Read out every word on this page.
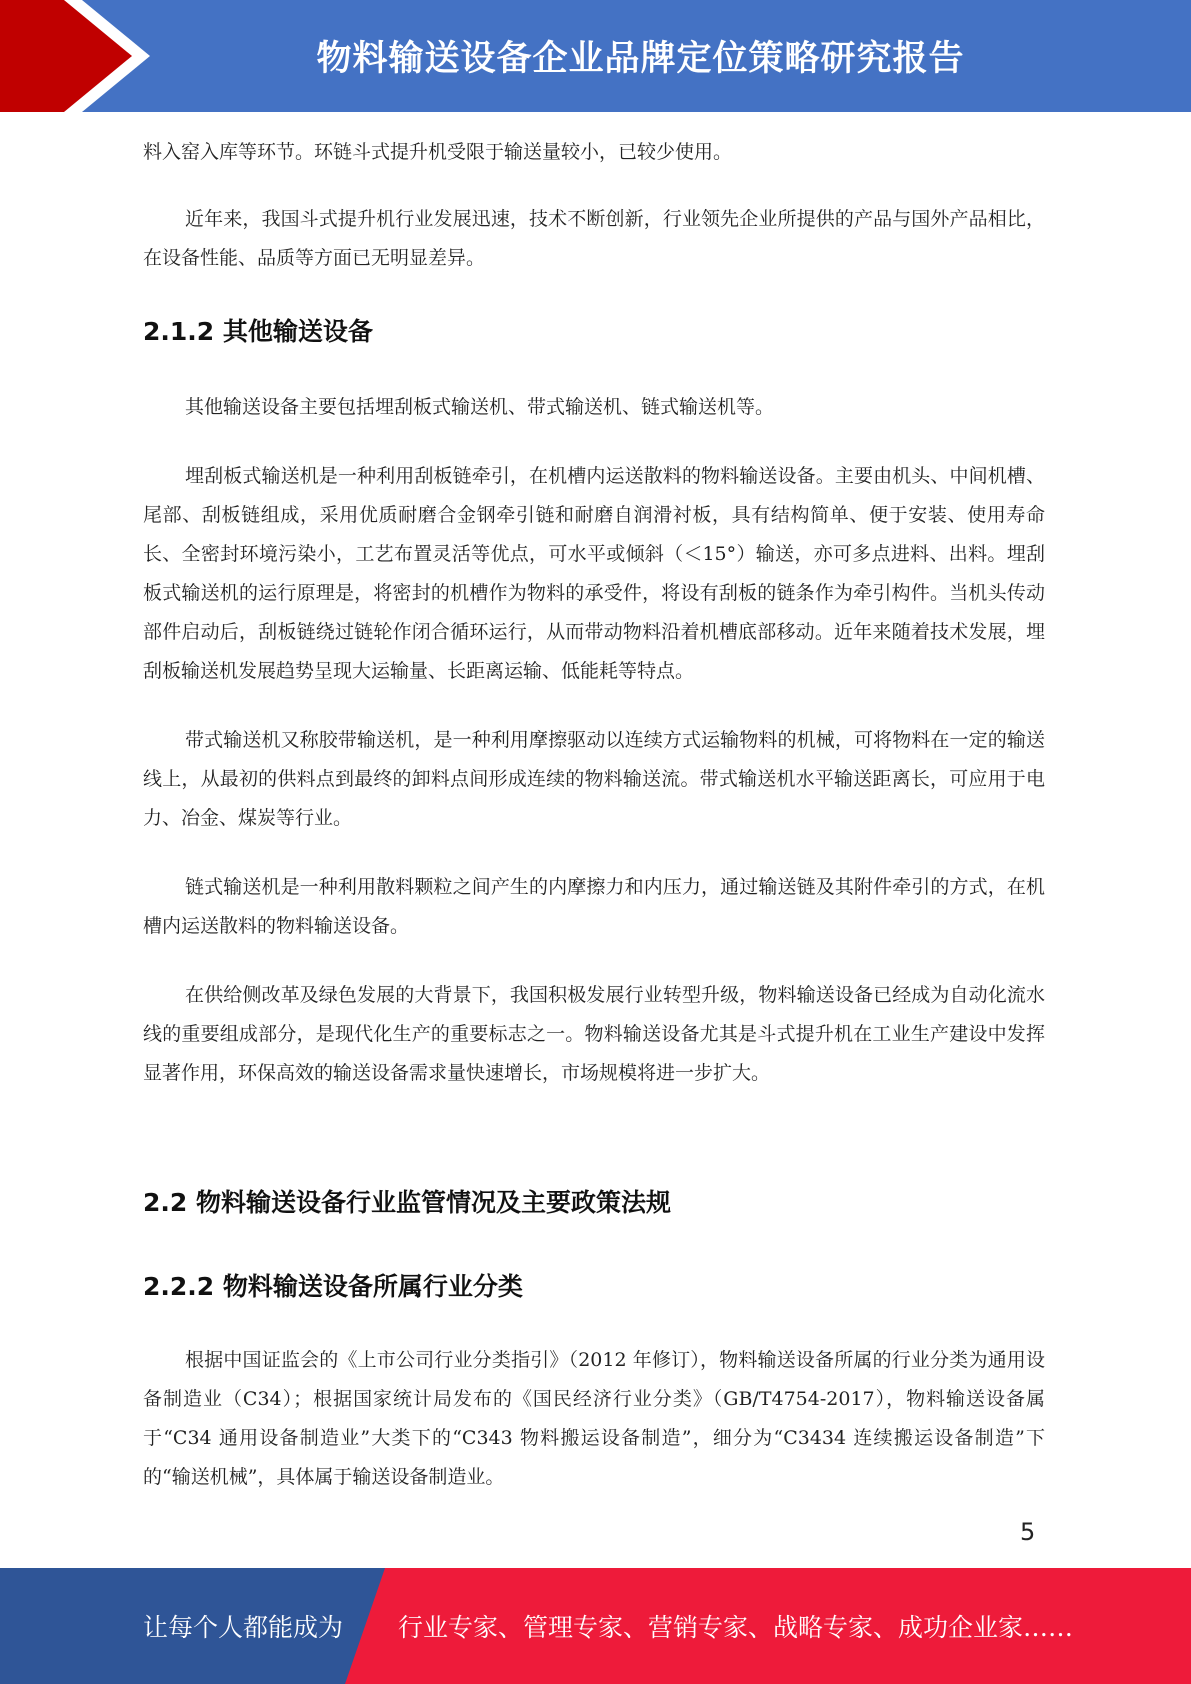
物料输送设备企业品牌定位策略研究报告

料入窑入库等环节。环链斗式提升机受限于输送量较小，已较少使用。

近年来，我国斗式提升机行业发展迅速，技术不断创新，行业领先企业所提供的产品与国外产品相比，在设备性能、品质等方面已无明显差异。

2.1.2 其他输送设备

其他输送设备主要包括埋刮板式输送机、带式输送机、链式输送机等。

埋刮板式输送机是一种利用刮板链牵引，在机槽内运送散料的物料输送设备。主要由机头、中间机槽、尾部、刮板链组成，采用优质耐磨合金钢牵引链和耐磨自润滑衬板，具有结构简单、便于安装、使用寿命长、全密封环境污染小，工艺布置灵活等优点，可水平或倾斜（＜15°）输送，亦可多点进料、出料。埋刮板式输送机的运行原理是，将密封的机槽作为物料的承受件，将设有刮板的链条作为牵引构件。当机头传动部件启动后，刮板链绕过链轮作闭合循环运行，从而带动物料沿着机槽底部移动。近年来随着技术发展，埋刮板输送机发展趋势呈现大运输量、长距离运输、低能耗等特点。

带式输送机又称胶带输送机，是一种利用摩擦驱动以连续方式运输物料的机械，可将物料在一定的输送线上，从最初的供料点到最终的卸料点间形成连续的物料输送流。带式输送机水平输送距离长，可应用于电力、冶金、煤炭等行业。

链式输送机是一种利用散料颗粒之间产生的内摩擦力和内压力，通过输送链及其附件牵引的方式，在机槽内运送散料的物料输送设备。

在供给侧改革及绿色发展的大背景下，我国积极发展行业转型升级，物料输送设备已经成为自动化流水线的重要组成部分，是现代化生产的重要标志之一。物料输送设备尤其是斗式提升机在工业生产建设中发挥显著作用，环保高效的输送设备需求量快速增长，市场规模将进一步扩大。

2.2 物料输送设备行业监管情况及主要政策法规
2.2.2 物料输送设备所属行业分类

根据中国证监会的《上市公司行业分类指引》（2012 年修订），物料输送设备所属的行业分类为通用设备制造业（C34）；根据国家统计局发布的《国民经济行业分类》（GB/T4754-2017），物料输送设备属于“C34 通用设备制造业”大类下的“C343 物料搬运设备制造”，细分为“C3434 连续搬运设备制造”下的“输送机械”，具体属于输送设备制造业。

5
让每个人都能成为 行业专家、管理专家、营销专家、战略专家、成功企业家……
